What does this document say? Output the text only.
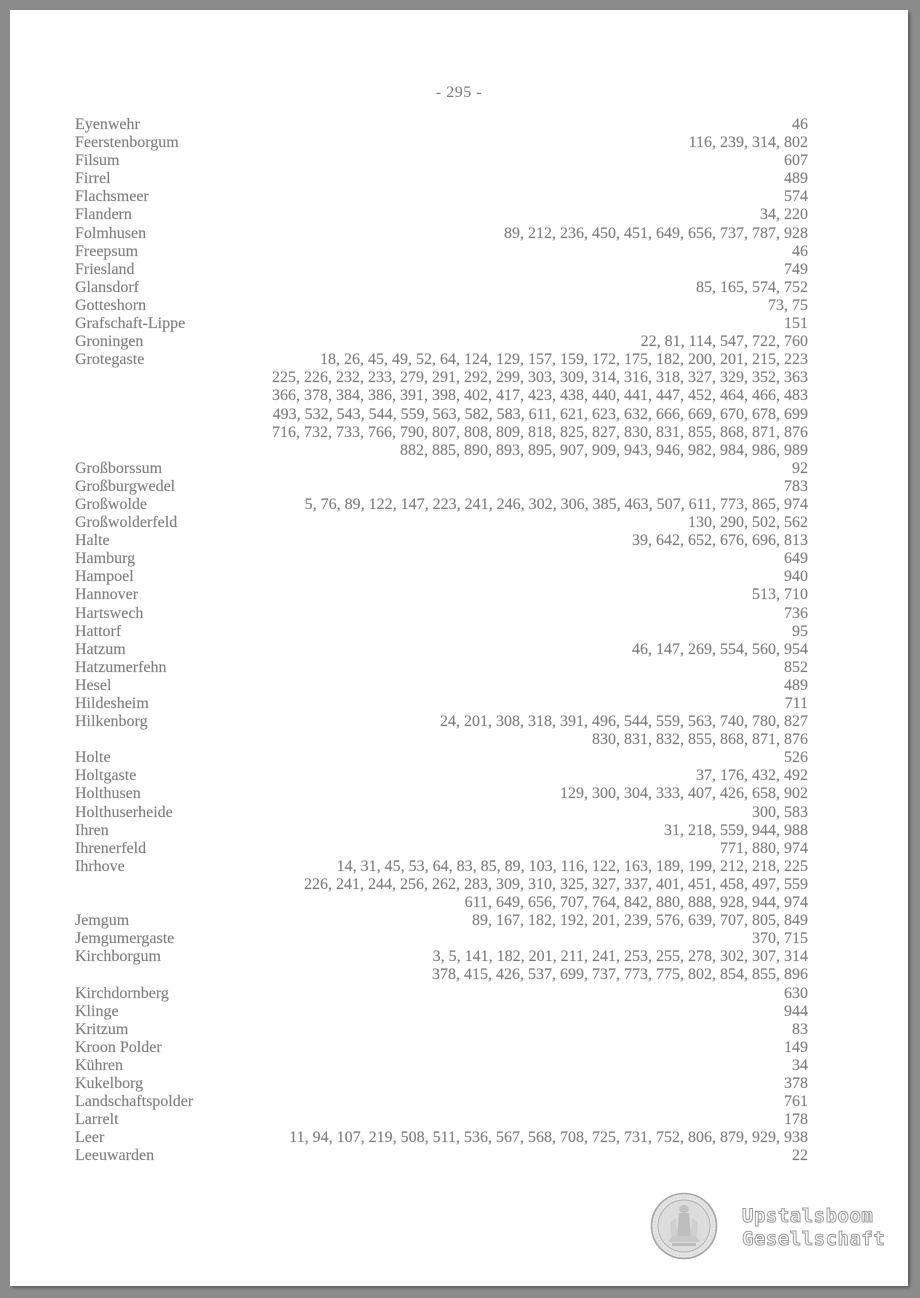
- 295 -
Eyenwehr	46
Feerstenborgum	116, 239, 314, 802
Filsum	607
Firrel	489
Flachsmeer	574
Flandern	34, 220
Folmhusen	89, 212, 236, 450, 451, 649, 656, 737, 787, 928
Freepsum	46
Friesland	749
Glansdorf	85, 165, 574, 752
Gotteshorn	73, 75
Grafschaft-Lippe	151
Groningen	22, 81, 114, 547, 722, 760
Grotegaste	18, 26, 45, 49, 52, 64, 124, 129, 157, 159, 172, 175, 182, 200, 201, 215, 223
225, 226, 232, 233, 279, 291, 292, 299, 303, 309, 314, 316, 318, 327, 329, 352, 363
366, 378, 384, 386, 391, 398, 402, 417, 423, 438, 440, 441, 447, 452, 464, 466, 483
493, 532, 543, 544, 559, 563, 582, 583, 611, 621, 623, 632, 666, 669, 670, 678, 699
716, 732, 733, 766, 790, 807, 808, 809, 818, 825, 827, 830, 831, 855, 868, 871, 876
882, 885, 890, 893, 895, 907, 909, 943, 946, 982, 984, 986, 989
Großborssum	92
Großburgwedel	783
Großwolde	5, 76, 89, 122, 147, 223, 241, 246, 302, 306, 385, 463, 507, 611, 773, 865, 974
Großwolderfeld	130, 290, 502, 562
Halte	39, 642, 652, 676, 696, 813
Hamburg	649
Hampoel	940
Hannover	513, 710
Hartswech	736
Hattorf	95
Hatzum	46, 147, 269, 554, 560, 954
Hatzumerfehn	852
Hesel	489
Hildesheim	711
Hilkenborg	24, 201, 308, 318, 391, 496, 544, 559, 563, 740, 780, 827
830, 831, 832, 855, 868, 871, 876
Holte	526
Holtgaste	37, 176, 432, 492
Holthusen	129, 300, 304, 333, 407, 426, 658, 902
Holthuserheide	300, 583
Ihren	31, 218, 559, 944, 988
Ihrenerfeld	771, 880, 974
Ihrhove	14, 31, 45, 53, 64, 83, 85, 89, 103, 116, 122, 163, 189, 199, 212, 218, 225
226, 241, 244, 256, 262, 283, 309, 310, 325, 327, 337, 401, 451, 458, 497, 559
611, 649, 656, 707, 764, 842, 880, 888, 928, 944, 974
Jemgum	89, 167, 182, 192, 201, 239, 576, 639, 707, 805, 849
Jemgumergaste	370, 715
Kirchborgum	3, 5, 141, 182, 201, 211, 241, 253, 255, 278, 302, 307, 314
378, 415, 426, 537, 699, 737, 773, 775, 802, 854, 855, 896
Kirchdornberg	630
Klinge	944
Kritzum	83
Kroon Polder	149
Kühren	34
Kukelborg	378
Landschaftspolder	761
Larrelt	178
Leer	11, 94, 107, 219, 508, 511, 536, 567, 568, 708, 725, 731, 752, 806, 879, 929, 938
Leeuwarden	22
Upstalsboom
Gesellschaft
